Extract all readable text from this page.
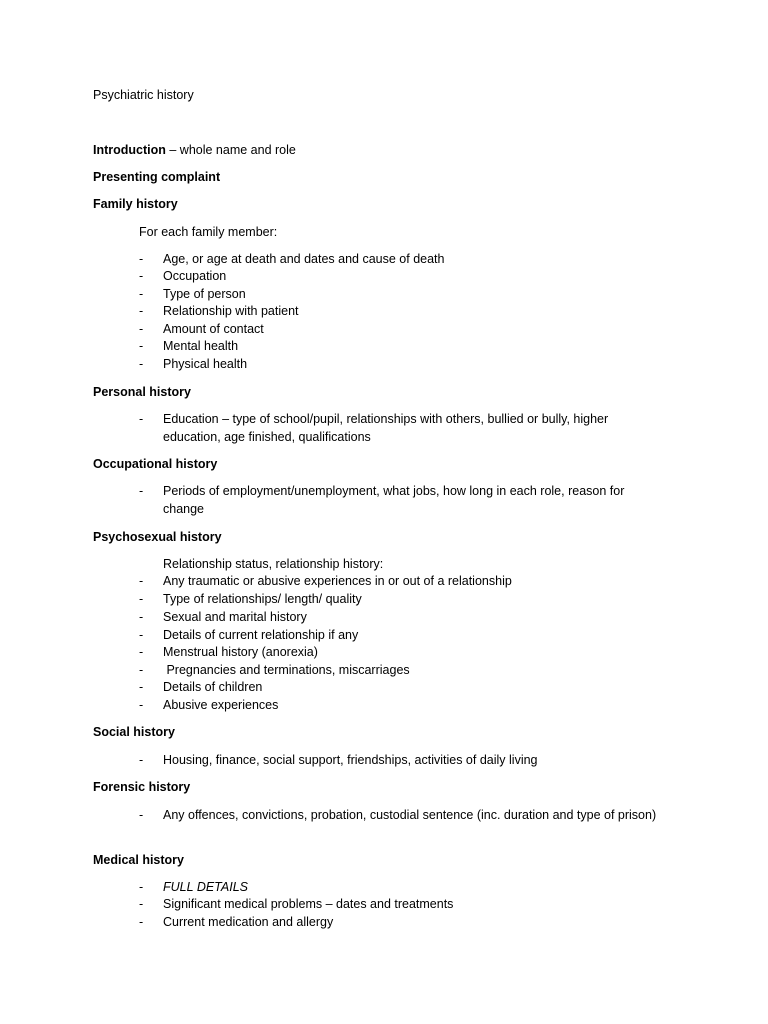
Psychiatric history
Introduction – whole name and role
Presenting complaint
Family history
For each family member:
- Age, or age at death and dates and cause of death
- Occupation
- Type of person
- Relationship with patient
- Amount of contact
- Mental health
- Physical health
Personal history
- Education – type of school/pupil, relationships with others, bullied or bully, higher education, age finished, qualifications
Occupational history
- Periods of employment/unemployment, what jobs, how long in each role, reason for change
Psychosexual history
Relationship status, relationship history:
- Any traumatic or abusive experiences in or out of a relationship
- Type of relationships/ length/ quality
- Sexual and marital history
- Details of current relationship if any
- Menstrual history (anorexia)
- Pregnancies and terminations, miscarriages
- Details of children
- Abusive experiences
Social history
- Housing, finance, social support, friendships, activities of daily living
Forensic history
- Any offences, convictions, probation, custodial sentence (inc. duration and type of prison)
Medical history
- FULL DETAILS
- Significant medical problems – dates and treatments
- Current medication and allergy
